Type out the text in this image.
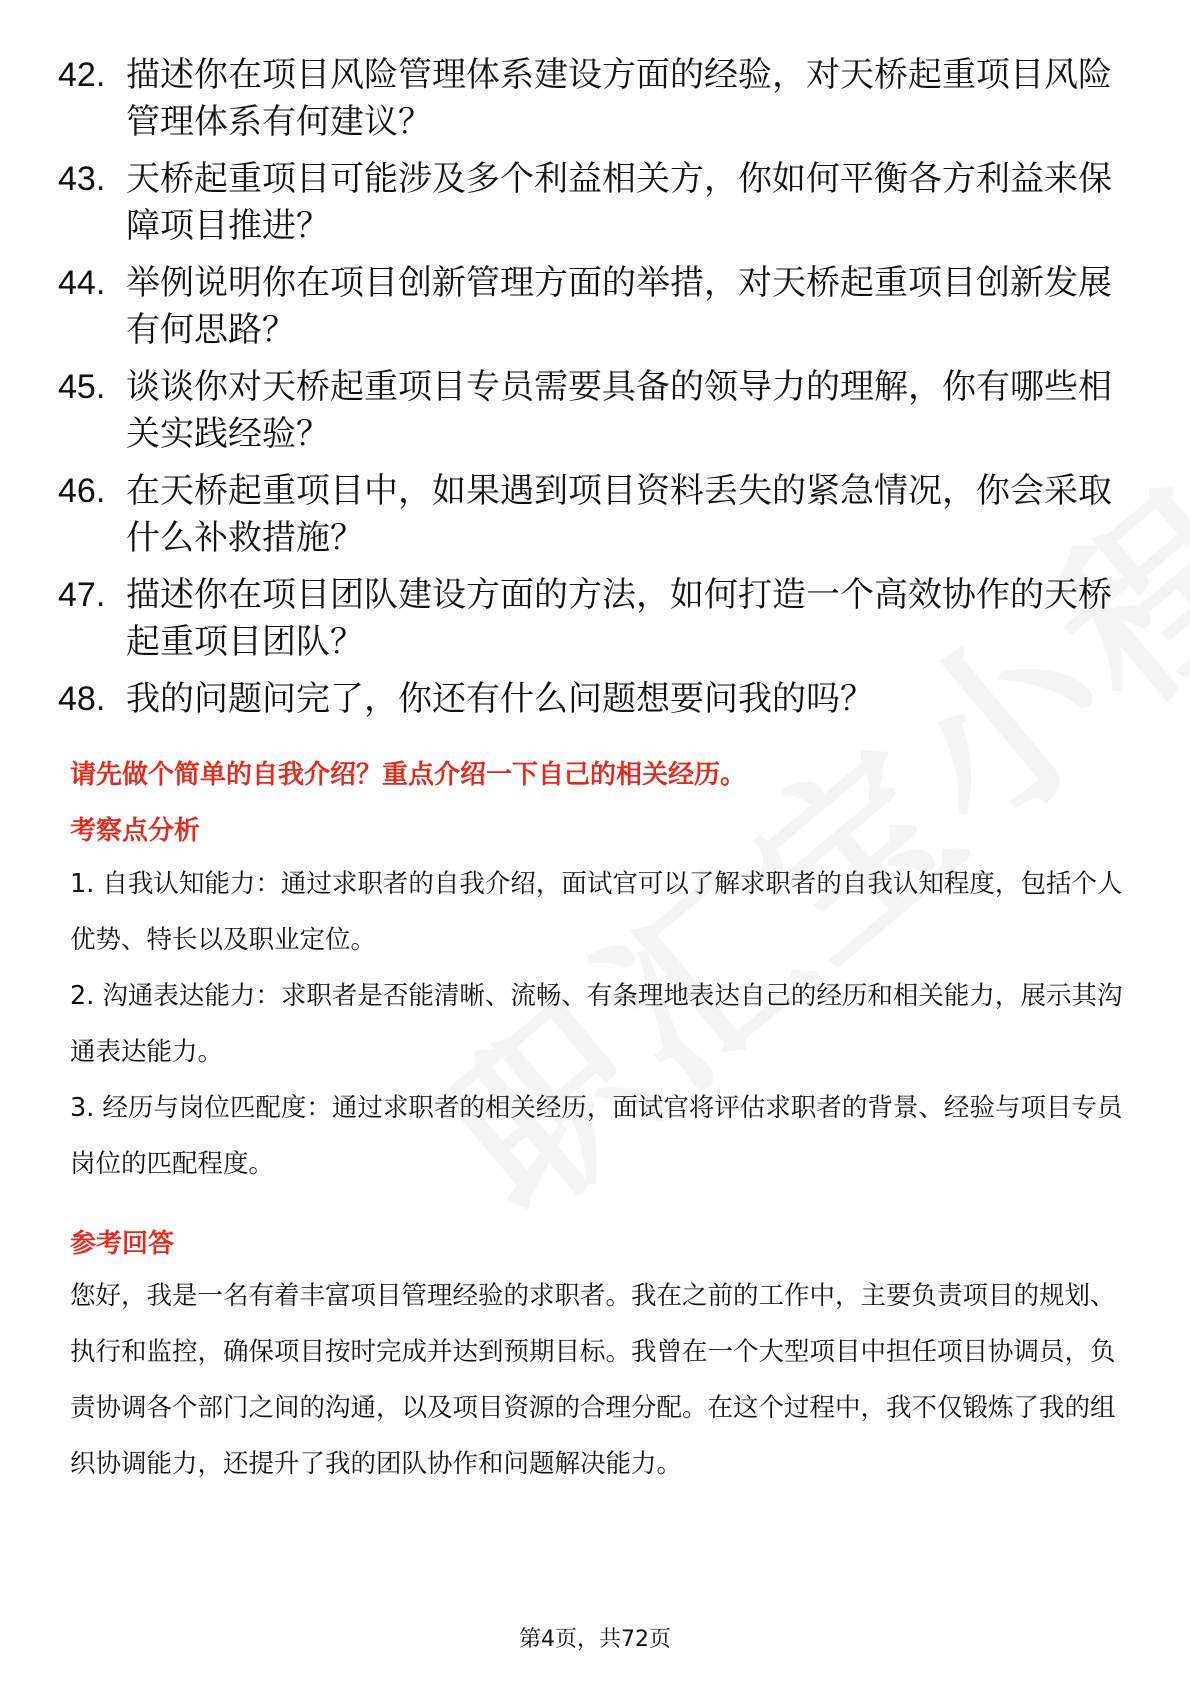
42. 描述你在项目风险管理体系建设方面的经验，对天桥起重项目风险管理体系有何建议？
43. 天桥起重项目可能涉及多个利益相关方，你如何平衡各方利益来保障项目推进？
44. 举例说明你在项目创新管理方面的举措，对天桥起重项目创新发展有何思路？
45. 谈谈你对天桥起重项目专员需要具备的领导力的理解，你有哪些相关实践经验？
46. 在天桥起重项目中，如果遇到项目资料丢失的紧急情况，你会采取什么补救措施？
47. 描述你在项目团队建设方面的方法，如何打造一个高效协作的天桥起重项目团队？
48. 我的问题问完了，你还有什么问题想要问我的吗？
请先做个简单的自我介绍？重点介绍一下自己的相关经历。
考察点分析

1. 自我认知能力：通过求职者的自我介绍，面试官可以了解求职者的自我认知程度，包括个人优势、特长以及职业定位。

2. 沟通表达能力：求职者是否能清晰、流畅、有条理地表达自己的经历和相关能力，展示其沟通表达能力。

3. 经历与岗位匹配度：通过求职者的相关经历，面试官将评估求职者的背景、经验与项目专员岗位的匹配程度。

参考回答

您好，我是一名有着丰富项目管理经验的求职者。我在之前的工作中，主要负责项目的规划、执行和监控，确保项目按时完成并达到预期目标。我曾在一个大型项目中担任项目协调员，负责协调各个部门之间的沟通，以及项目资源的合理分配。在这个过程中，我不仅锻炼了我的组织协调能力，还提升了我的团队协作和问题解决能力。

第4页，共72页
